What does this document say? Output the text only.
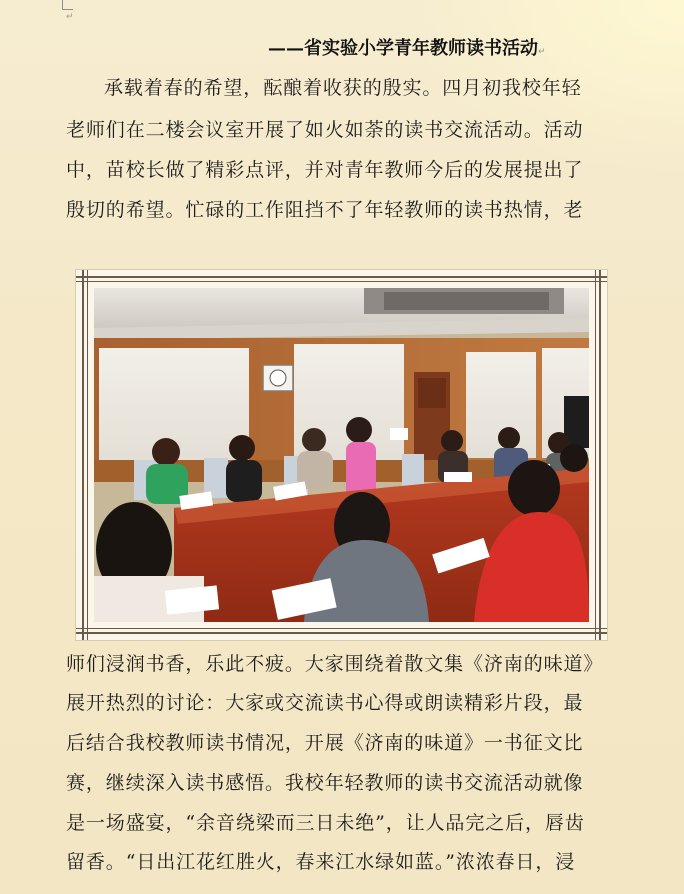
↵
——省实验小学青年教师读书活动↵
承载着春的希望，酝酿着收获的殷实。四月初我校年轻
老师们在二楼会议室开展了如火如荼的读书交流活动。活动
中，苗校长做了精彩点评，并对青年教师今后的发展提出了
殷切的希望。忙碌的工作阻挡不了年轻教师的读书热情，老
师们浸润书香，乐此不疲。大家围绕着散文集《济南的味道》
展开热烈的讨论：大家或交流读书心得或朗读精彩片段，最
后结合我校教师读书情况，开展《济南的味道》一书征文比
赛，继续深入读书感悟。我校年轻教师的读书交流活动就像
是一场盛宴，“余音绕梁而三日未绝”，让人品完之后，唇齿
留香。“日出江花红胜火，春来江水绿如蓝。”浓浓春日，浸
